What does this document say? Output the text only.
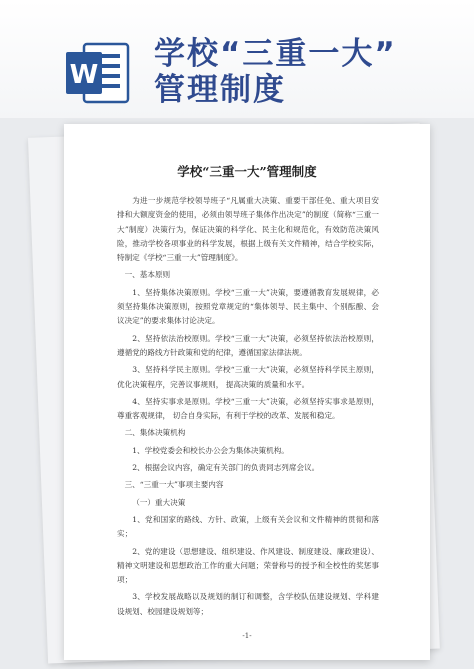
W
学校“三重一大”
管理制度
学校“三重一大”管理制度

为进一步规范学校领导班子“凡属重大决策、重要干部任免、重大项目安排和大额度资金的使用，必须由领导班子集体作出决定”的制度（简称“三重一大”制度）决策行为，保证决策的科学化、民主化和规范化，有效防范决策风险，推动学校各项事业的科学发展，根据上级有关文件精神，结合学校实际，特制定《学校“三重一大”管理制度》。

一、基本原则

1、坚持集体决策原则。学校“三重一大”决策，要遵循教育发展规律，必须坚持集体决策原则，按照党章规定的“集体领导、民主集中、个别酝酿、会议决定”的要求集体讨论决定。

2、坚持依法治校原则。学校“三重一大”决策，必须坚持依法治校原则，遵循党的路线方针政策和党的纪律，遵循国家法律法规。

3、坚持科学民主原则。学校“三重一大”决策，必须坚持科学民主原则，优化决策程序，完善议事规则， 提高决策的质量和水平。

4、坚持实事求是原则。学校“三重一大”决策，必须坚持实事求是原则， 尊重客观规律， 切合自身实际，有利于学校的改革、发展和稳定。

二、集体决策机构

1、学校党委会和校长办公会为集体决策机构。

2、根据会议内容，确定有关部门的负责同志列席会议。

三、“三重一大”事项主要内容

（一）重大决策

1、党和国家的路线、方针、政策，上级有关会议和文件精神的贯彻和落实；

2、党的建设（思想建设、组织建设、作风建设、制度建设、廉政建设）、精神文明建设和思想政治工作的重大问题；荣誉称号的授予和全校性的奖惩事项；

3、学校发展战略以及规划的制订和调整，含学校队伍建设规划、学科建设规划、校园建设规划等；

-1-
